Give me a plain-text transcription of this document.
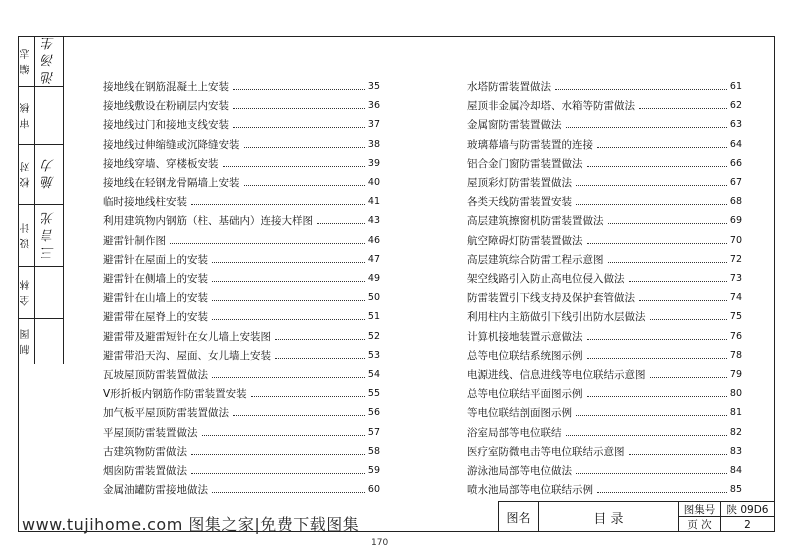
编 志 池 汤 生
审 核
校 对 施 力
设 计 三 言 光
全 林
制 图
接地线在钢筋混凝土上安装	35
接地线敷设在粉刷层内安装	36
接地线过门和接地支线安装	37
接地线过伸缩缝或沉降缝安装	38
接地线穿墙、穿楼板安装	39
接地线在轻钢龙骨隔墙上安装	40
临时接地线柱安装	41
利用建筑物内钢筋（柱、基础内）连接大样图	43
避雷针制作图	46
避雷针在屋面上的安装	47
避雷针在侧墙上的安装	49
避雷针在山墙上的安装	50
避雷带在屋脊上的安装	51
避雷带及避雷短针在女儿墙上安装图	52
避雷带沿天沟、屋面、女儿墙上安装	53
瓦坡屋顶防雷装置做法	54
V形折板内钢筋作防雷装置安装	55
加气板平屋顶防雷装置做法	56
平屋顶防雷装置做法	57
古建筑物防雷做法	58
烟囱防雷装置做法	59
金属油罐防雷接地做法	60
水塔防雷装置做法	61
屋顶非金属冷却塔、水箱等防雷做法	62
金属窗防雷装置做法	63
玻璃幕墙与防雷装置的连接	64
铝合金门窗防雷装置做法	66
屋顶彩灯防雷装置做法	67
各类天线防雷装置安装	68
高层建筑擦窗机防雷装置做法	69
航空障碍灯防雷装置做法	70
高层建筑综合防雷工程示意图	72
架空线路引入防止高电位侵入做法	73
防雷装置引下线支持及保护套管做法	74
利用柱内主筋做引下线引出防水层做法	75
计算机接地装置示意做法	76
总等电位联结系统图示例	78
电源进线、信息进线等电位联结示意图	79
总等电位联结平面图示例	80
等电位联结剖面图示例	81
浴室局部等电位联结	82
医疗室防微电击等电位联结示意图	83
游泳池局部等电位做法	84
喷水池局部等电位联结示例	85
图名	目 录
图集号	陕 09D6
页 次	2
www.tujihome.com 图集之家|免费下载图集
170
